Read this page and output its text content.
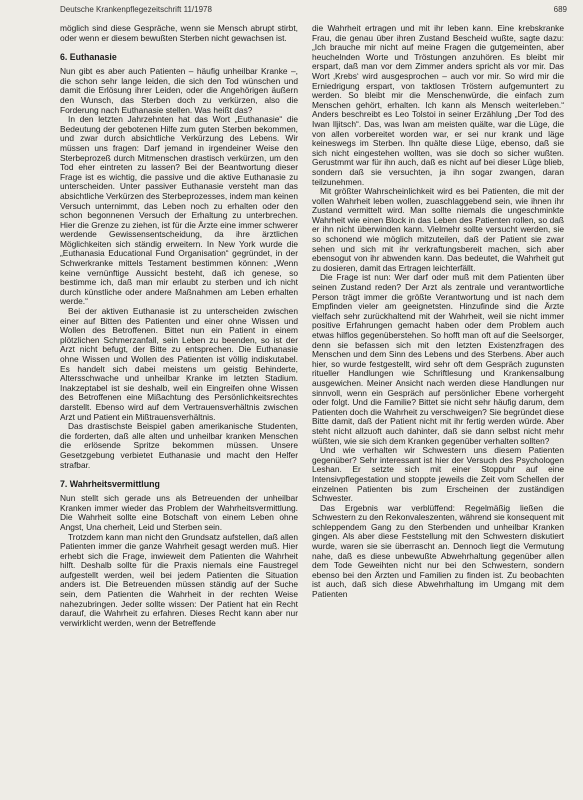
Deutsche Krankenpflegezeitschrift 11/1978	689

möglich sind diese Gespräche, wenn sie Mensch abrupt stirbt, oder wenn er diesem bewußten Sterben nicht gewachsen ist.

6. Euthanasie

Nun gibt es aber auch Patienten – häufig unheilbar Kranke –, die schon sehr lange leiden, die sich den Tod wünschen und damit die Erlösung ihrer Leiden, oder die Angehörigen äußern den Wunsch, das Sterben doch zu verkürzen, also die Forderung nach Euthanasie stellen. Was heißt das?

In den letzten Jahrzehnten hat das Wort „Euthanasie“ die Bedeutung der gebotenen Hilfe zum guten Sterben bekommen, und zwar durch absichtliche Verkürzung des Lebens. Wir müssen uns fragen: Darf jemand in irgendeiner Weise den Sterbeprozeß durch Mitmenschen drastisch verkürzen, um den Tod eher eintreten zu lassen? Bei der Beantwortung dieser Frage ist es wichtig, die passive und die aktive Euthanasie zu unterscheiden. Unter passiver Euthanasie versteht man das absichtliche Verkürzen des Sterbeprozesses, indem man keinen Versuch unternimmt, das Leben noch zu erhalten oder den schon begonnenen Versuch der Erhaltung zu unterbrechen. Hier die Grenze zu ziehen, ist für die Ärzte eine immer schwerer werdende Gewissensentscheidung, da ihre ärztlichen Möglichkeiten sich ständig erweitern. In New York wurde die „Euthanasia Educational Fund Organisation“ gegründet, in der Schwerkranke mittels Testament bestimmen können: „Wenn keine vernünftige Aussicht besteht, daß ich genese, so bestimme ich, daß man mir erlaubt zu sterben und ich nicht durch künstliche oder andere Maßnahmen am Leben erhalten werde.“

Bei der aktiven Euthanasie ist zu unterscheiden zwischen einer auf Bitten des Patienten und einer ohne Wissen und Wollen des Betroffenen. Bittet nun ein Patient in einem plötzlichen Schmerzanfall, sein Leben zu beenden, so ist der Arzt nicht befugt, der Bitte zu entsprechen. Die Euthanasie ohne Wissen und Wollen des Patienten ist völlig indiskutabel. Es handelt sich dabei meistens um geistig Behinderte, Altersschwache und unheilbar Kranke im letzten Stadium. Inakzeptabel ist sie deshalb, weil ein Eingreifen ohne Wissen des Betroffenen eine Mißachtung des Persönlichkeitsrechtes darstellt. Ebenso wird auf dem Vertrauensverhältnis zwischen Arzt und Patient ein Mißtrauensverhältnis.

Das drastischste Beispiel gaben amerikanische Studenten, die forderten, daß alle alten und unheilbar kranken Menschen die erlösende Spritze bekommen müssen. Unsere Gesetzgebung verbietet Euthanasie und macht den Helfer strafbar.

7. Wahrheitsvermittlung

Nun stellt sich gerade uns als Betreuenden der unheilbar Kranken immer wieder das Problem der Wahrheitsvermittlung. Die Wahrheit sollte eine Botschaft von einem Leben ohne Angst, Una cherheit, Leid und Sterben sein.

Trotzdem kann man nicht den Grundsatz aufstellen, daß allen Patienten immer die ganze Wahrheit gesagt werden muß. Hier erhebt sich die Frage, inwieweit dem Patienten die Wahrheit hilft. Deshalb sollte für die Praxis niemals eine Faustregel aufgestellt werden, weil bei jedem Patienten die Situation anders ist. Die Betreuenden müssen ständig auf der Suche sein, dem Patienten die Wahrheit in der rechten Weise nahezubringen. Jeder sollte wissen: Der Patient hat ein Recht darauf, die Wahrheit zu erfahren. Dieses Recht kann aber nur verwirklicht werden, wenn der Betreffende

die Wahrheit ertragen und mit ihr leben kann. Eine krebskranke Frau, die genau über ihren Zustand Bescheid wußte, sagte dazu: „Ich brauche mir nicht auf meine Fragen die gutgemeinten, aber heuchelnden Worte und Tröstungen anzuhören. Es bleibt mir erspart, daß man vor dem Zimmer anders spricht als vor mir. Das Wort ‚Krebs‘ wird ausgesprochen – auch vor mir. So wird mir die Erniedrigung erspart, von taktlosen Tröstern aufgemuntert zu werden. So bleibt mir die Menschenwürde, die einfach zum Menschen gehört, erhalten. Ich kann als Mensch weiterleben.“ Anders beschreibt es Leo Tolstoi in seiner Erzählung „Der Tod des Iwan Iljitsch“. Das, was Iwan am meisten quälte, war die Lüge, die von allen vorbereitet worden war, er sei nur krank und läge keineswegs im Sterben. Ihn quälte diese Lüge, ebenso, daß sie sich nicht eingestehen wollten, was sie doch so sicher wußten. Gerustmmt war für ihn auch, daß es nicht auf bei dieser Lüge blieb, sondern daß sie versuchten, ja ihn sogar zwangen, daran teilzunehmen.

Mit größter Wahrscheinlichkeit wird es bei Patienten, die mit der vollen Wahrheit leben wollen, zuaschlaggebend sein, wie ihnen ihr Zustand vermittelt wird. Man sollte niemals die ungeschminkte Wahrheit wie einen Block in das Leben des Patienten rollen, so daß er ihn nicht überwinden kann. Vielmehr sollte versucht werden, sie so schonend wie möglich mitzuteilen, daß der Patient sie zwar sehen und sich mit ihr verkraftungsbereit machen, sich aber ebensogut von ihr abwenden kann. Das bedeutet, die Wahrheit gut zu dosieren, damit das Ertragen leichterfällt.

Die Frage ist nun: Wer darf oder muß mit dem Patienten über seinen Zustand reden? Der Arzt als zentrale und verantwortliche Person trägt immer die größte Verantwortung und ist nach dem Empfinden vieler am geeignetsten. Hinzufinde sind die Ärzte vielfach sehr zurückhaltend mit der Wahrheit, weil sie nicht immer positive Erfahrungen gemacht haben oder dem Problem auch etwas hilflos gegenüberstehen. So hofft man oft auf die Seelsorger, denn sie befassen sich mit den letzten Existenzfragen des Menschen und dem Sinn des Lebens und des Sterbens. Aber auch hier, so wurde festgestellt, wird sehr oft dem Gespräch zugunsten ritueller Handlungen wie Schriftlesung und Krankensalbung ausgewichen. Meiner Ansicht nach werden diese Handlungen nur sinnvoll, wenn ein Gespräch auf persönlicher Ebene vorhergeht oder folgt. Und die Familie? Bittet sie nicht sehr häufig darum, dem Patienten doch die Wahrheit zu verschweigen? Sie begründet diese Bitte damit, daß der Patient nicht mit ihr fertig werden würde. Aber steht nicht allzuoft auch dahinter, daß sie dann selbst nicht mehr wüßten, wie sie sich dem Kranken gegenüber verhalten sollten?

Und wie verhalten wir Schwestern uns diesem Patienten gegenüber? Sehr interessant ist hier der Versuch des Psychologen Leshan. Er setzte sich mit einer Stoppuhr auf eine Intensivpflegestation und stoppte jeweils die Zeit vom Schellen der einzelnen Patienten bis zum Erscheinen der zuständigen Schwester.

Das Ergebnis war verblüffend: Regelmäßig ließen die Schwestern zu den Rekonvaleszenten, während sie konsequent mit schleppendem Gang zu den Sterbenden und unheilbar Kranken gingen. Als aber diese Feststellung mit den Schwestern diskutiert wurde, waren sie sie überrascht an. Dennoch liegt die Vermutung nahe, daß es diese unbewußte Abwehrhaltung gegenüber allen dem Tode Geweihten nicht nur bei den Schwestern, sondern ebenso bei den Ärzten und Familien zu finden ist. Zu beobachten ist auch, daß sich diese Abwehrhaltung im Umgang mit dem Patienten
